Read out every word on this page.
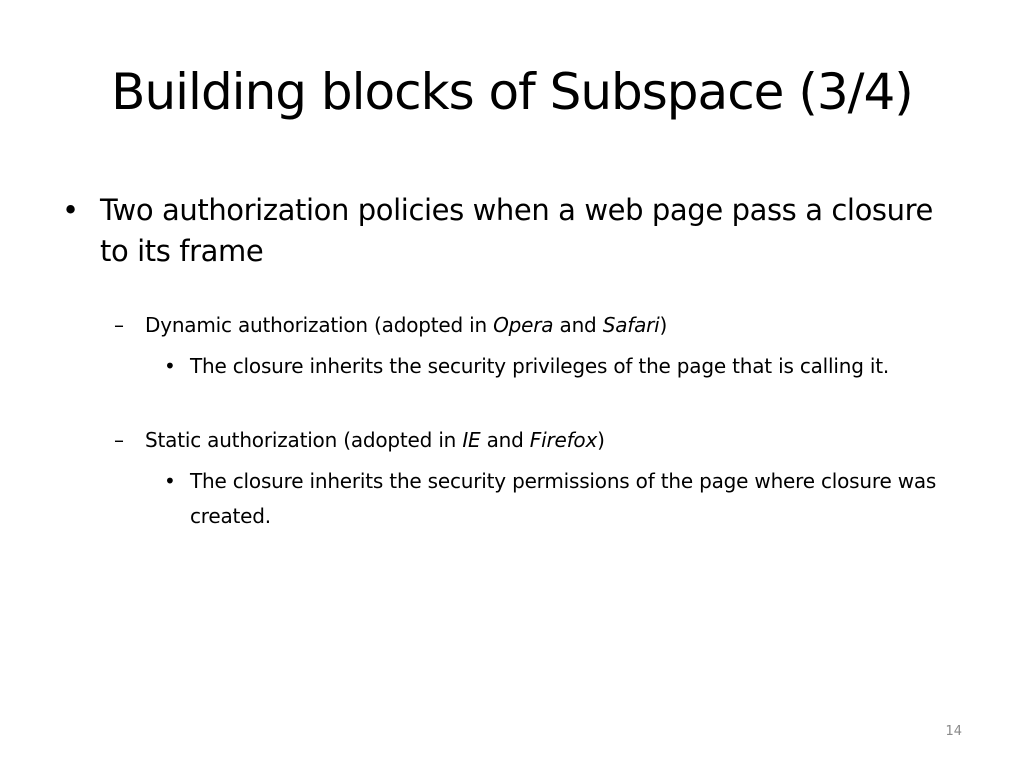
Building blocks of Subspace (3/4)
• Two authorization policies when a web page pass a closure to its frame
–	Dynamic authorization (adopted in Opera and Safari)
• The closure inherits the security privileges of the page that is calling it.
–	Static authorization (adopted in IE and Firefox)
• The closure inherits the security permissions of the page where closure was created.
14
